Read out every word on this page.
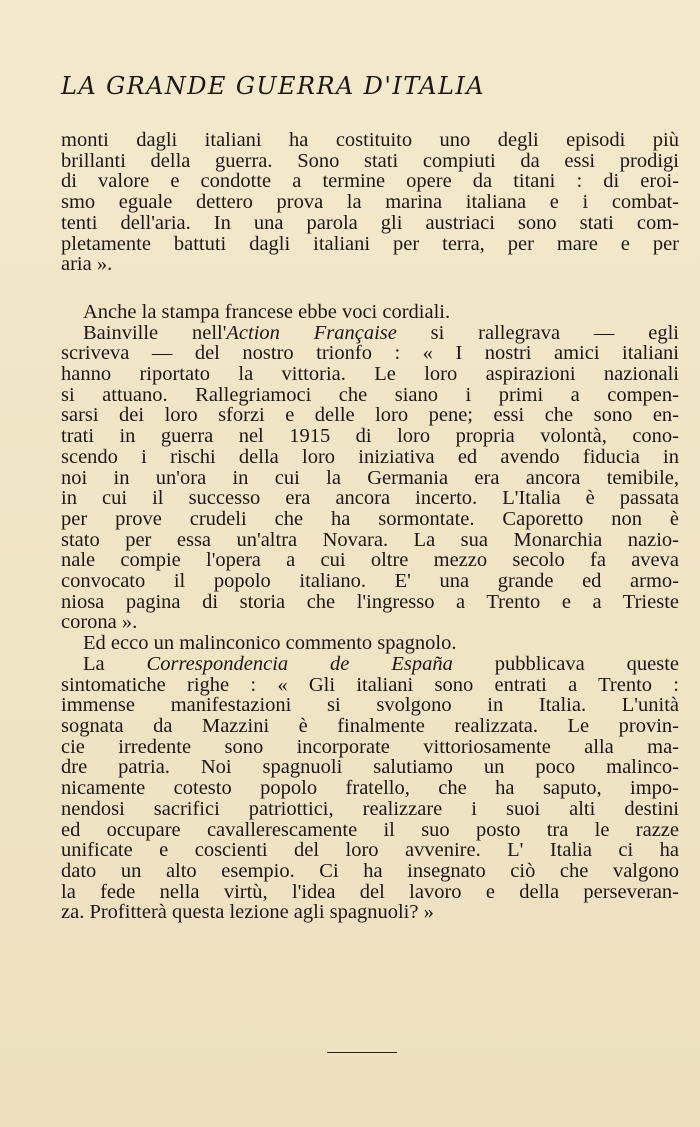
LA GRANDE GUERRA D'ITALIA
monti dagli italiani ha costituito uno degli episodi più
brillanti della guerra. Sono stati compiuti da essi prodigi
di valore e condotte a termine opere da titani : di eroi-
smo eguale dettero prova la marina italiana e i combat-
tenti dell'aria. In una parola gli austriaci sono stati com-
pletamente battuti dagli italiani per terra, per mare e per
aria ».
Anche la stampa francese ebbe voci cordiali.
Bainville nell'Action Française si rallegrava — egli
scriveva — del nostro trionfo : « I nostri amici italiani
hanno riportato la vittoria. Le loro aspirazioni nazionali
si attuano. Rallegriamoci che siano i primi a compen-
sarsi dei loro sforzi e delle loro pene; essi che sono en-
trati in guerra nel 1915 di loro propria volontà, cono-
scendo i rischi della loro iniziativa ed avendo fiducia in
noi in un'ora in cui la Germania era ancora temibile,
in cui il successo era ancora incerto. L'Italia è passata
per prove crudeli che ha sormontate. Caporetto non è
stato per essa un'altra Novara. La sua Monarchia nazio-
nale compie l'opera a cui oltre mezzo secolo fa aveva
convocato il popolo italiano. E' una grande ed armo-
niosa pagina di storia che l'ingresso a Trento e a Trieste
corona ».
Ed ecco un malinconico commento spagnolo.
La Correspondencia de España pubblicava queste
sintomatiche righe : « Gli italiani sono entrati a Trento :
immense manifestazioni si svolgono in Italia. L'unità
sognata da Mazzini è finalmente realizzata. Le provin-
cie irredente sono incorporate vittoriosamente alla ma-
dre patria. Noi spagnuoli salutiamo un poco malinco-
nicamente cotesto popolo fratello, che ha saputo, impo-
nendosi sacrifici patriottici, realizzare i suoi alti destini
ed occupare cavallerescamente il suo posto tra le razze
unificate e coscienti del loro avvenire. L' Italia ci ha
dato un alto esempio. Ci ha insegnato ciò che valgono
la fede nella virtù, l'idea del lavoro e della perseveran-
za. Profitterà questa lezione agli spagnuoli? »
